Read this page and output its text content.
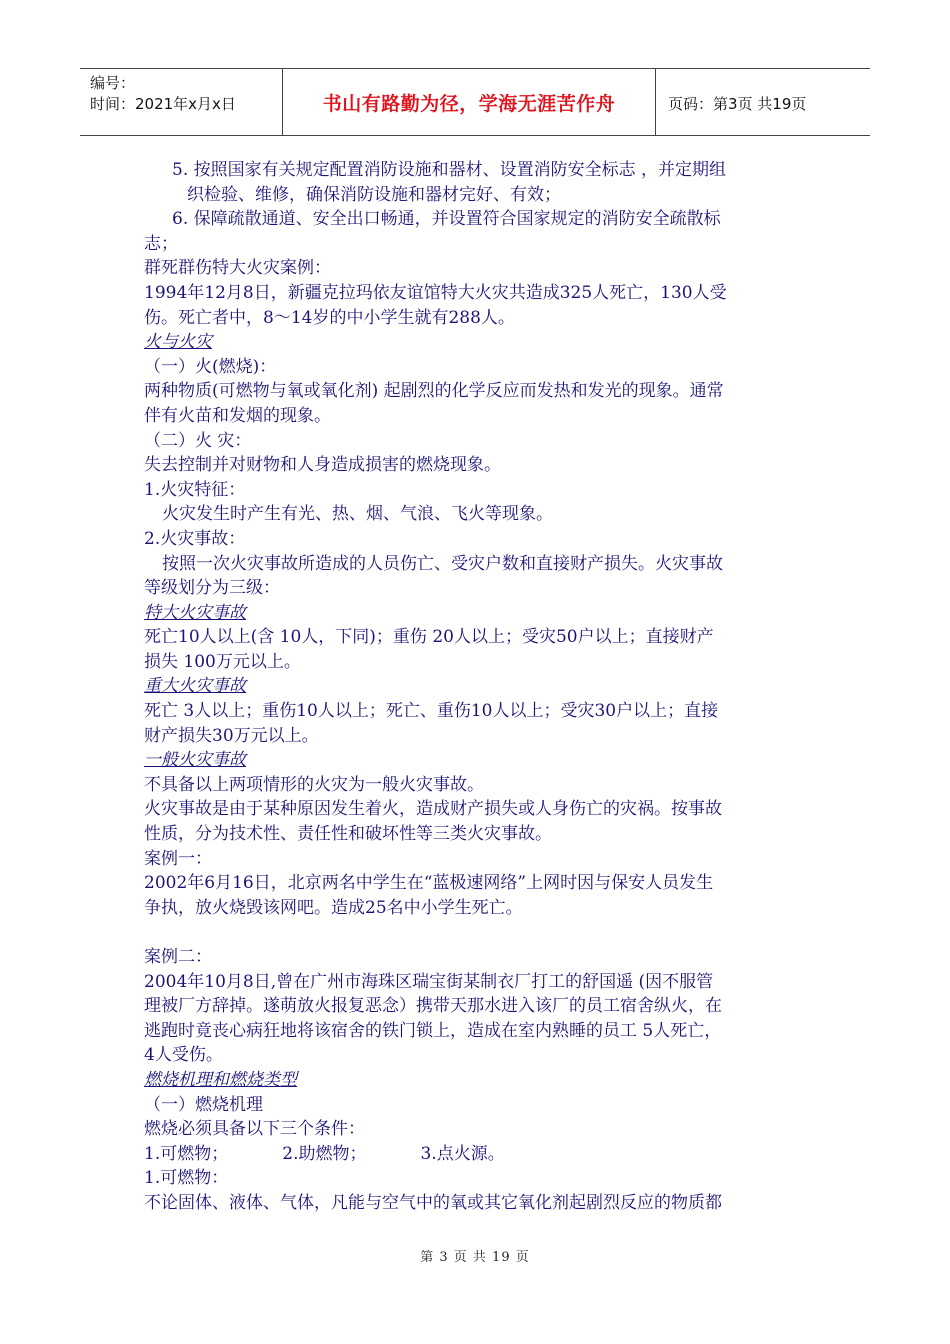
编号：
时间：2021年x月x日	书山有路勤为径，学海无涯苦作舟	页码：第3页 共19页
5. 按照国家有关规定配置消防设施和器材、设置消防安全标志 ，并定期组
织检验、维修，确保消防设施和器材完好、有效；
6. 保障疏散通道、安全出口畅通，并设置符合国家规定的消防安全疏散标
志；
群死群伤特大火灾案例：
1994年12月8日，新疆克拉玛依友谊馆特大火灾共造成325人死亡，130人受
伤。死亡者中，8～14岁的中小学生就有288人。
火与火灾
（一）火(燃烧)：
两种物质(可燃物与氧或氧化剂) 起剧烈的化学反应而发热和发光的现象。通常
伴有火苗和发烟的现象。
（二）火 灾：
失去控制并对财物和人身造成损害的燃烧现象。
1.火灾特征：
火灾发生时产生有光、热、烟、气浪、飞火等现象。
2.火灾事故：
按照一次火灾事故所造成的人员伤亡、受灾户数和直接财产损失。火灾事故
等级划分为三级：
特大火灾事故
死亡10人以上(含 10人，下同)；重伤 20人以上；受灾50户以上；直接财产
损失 100万元以上。
重大火灾事故
死亡 3人以上；重伤10人以上；死亡、重伤10人以上；受灾30户以上；直接
财产损失30万元以上。
一般火灾事故
不具备以上两项情形的火灾为一般火灾事故。
火灾事故是由于某种原因发生着火，造成财产损失或人身伤亡的灾祸。按事故
性质，分为技术性、责任性和破坏性等三类火灾事故。
案例一：
2002年6月16日，北京两名中学生在“蓝极速网络”上网时因与保安人员发生
争执，放火烧毁该网吧。造成25名中小学生死亡。
案例二：
2004年10月8日,曾在广州市海珠区瑞宝街某制衣厂打工的舒国遥 (因不服管
理被厂方辞掉。遂萌放火报复恶念）携带天那水进入该厂的员工宿舍纵火，在
逃跑时竟丧心病狂地将该宿舍的铁门锁上，造成在室内熟睡的员工 5人死亡，
4人受伤。
燃烧机理和燃烧类型
（一）燃烧机理
燃烧必须具备以下三个条件：
1.可燃物；          2.助燃物；          3.点火源。
1.可燃物：
不论固体、液体、气体，凡能与空气中的氧或其它氧化剂起剧烈反应的物质都
第 3 页 共 19 页
